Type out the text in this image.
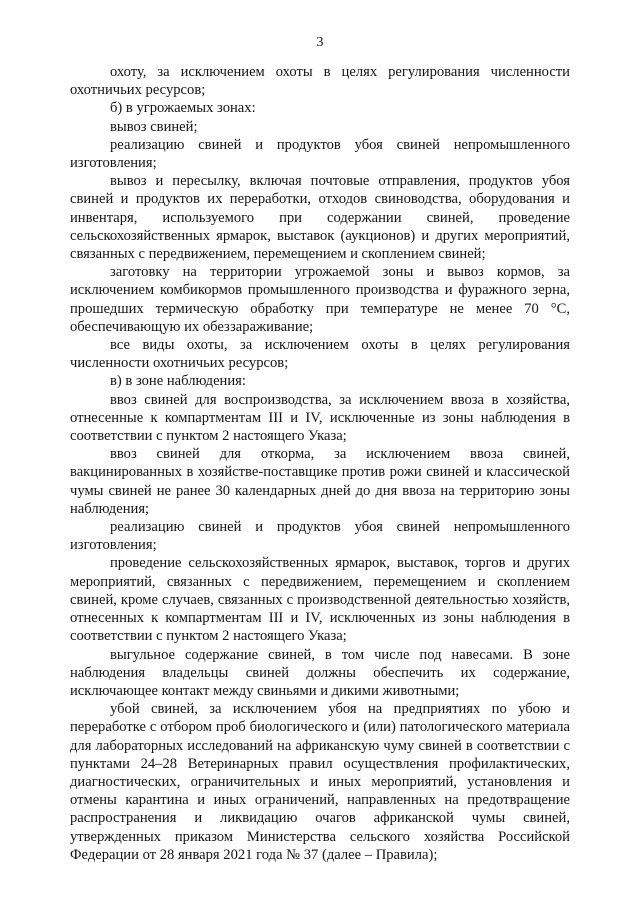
3

охоту, за исключением охоты в целях регулирования численности охотничьих ресурсов;

б) в угрожаемых зонах:

вывоз свиней;

реализацию свиней и продуктов убоя свиней непромышленного изготовления;

вывоз и пересылку, включая почтовые отправления, продуктов убоя свиней и продуктов их переработки, отходов свиноводства, оборудования и инвентаря, используемого при содержании свиней, проведение сельскохозяйственных ярмарок, выставок (аукционов) и других мероприятий, связанных с передвижением, перемещением и скоплением свиней;

заготовку на территории угрожаемой зоны и вывоз кормов, за исключением комбикормов промышленного производства и фуражного зерна, прошедших термическую обработку при температуре не менее 70 °С, обеспечивающую их обеззараживание;

все виды охоты, за исключением охоты в целях регулирования численности охотничьих ресурсов;

в) в зоне наблюдения:

ввоз свиней для воспроизводства, за исключением ввоза в хозяйства, отнесенные к компартментам III и IV, исключенные из зоны наблюдения в соответствии с пунктом 2 настоящего Указа;

ввоз свиней для откорма, за исключением ввоза свиней, вакцинированных в хозяйстве-поставщике против рожи свиней и классической чумы свиней не ранее 30 календарных дней до дня ввоза на территорию зоны наблюдения;

реализацию свиней и продуктов убоя свиней непромышленного изготовления;

проведение сельскохозяйственных ярмарок, выставок, торгов и других мероприятий, связанных с передвижением, перемещением и скоплением свиней, кроме случаев, связанных с производственной деятельностью хозяйств, отнесенных к компартментам III и IV, исключенных из зоны наблюдения в соответствии с пунктом 2 настоящего Указа;

выгульное содержание свиней, в том числе под навесами. В зоне наблюдения владельцы свиней должны обеспечить их содержание, исключающее контакт между свиньями и дикими животными;

убой свиней, за исключением убоя на предприятиях по убою и переработке с отбором проб биологического и (или) патологического материала для лабораторных исследований на африканскую чуму свиней в соответствии с пунктами 24–28 Ветеринарных правил осуществления профилактических, диагностических, ограничительных и иных мероприятий, установления и отмены карантина и иных ограничений, направленных на предотвращение распространения и ликвидацию очагов африканской чумы свиней, утвержденных приказом Министерства сельского хозяйства Российской Федерации от 28 января 2021 года № 37 (далее – Правила);
